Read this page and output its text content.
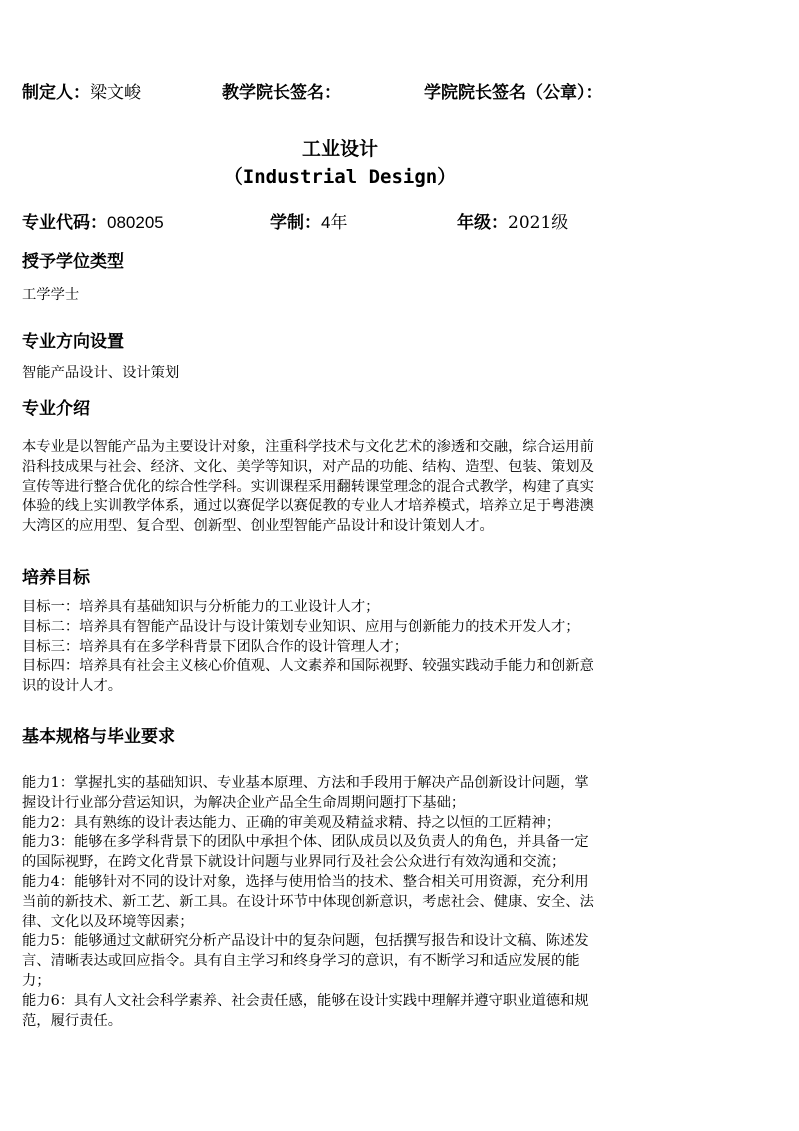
制定人：梁文峻	教学院长签名：	学院院长签名（公章）：
工业设计
（Industrial Design）
专业代码：080205	学制：4年	年级：2021级
授予学位类型
工学学士
专业方向设置
智能产品设计、设计策划
专业介绍
本专业是以智能产品为主要设计对象，注重科学技术与文化艺术的渗透和交融，综合运用前
沿科技成果与社会、经济、文化、美学等知识，对产品的功能、结构、造型、包装、策划及
宣传等进行整合优化的综合性学科。实训课程采用翻转课堂理念的混合式教学，构建了真实
体验的线上实训教学体系，通过以赛促学以赛促教的专业人才培养模式，培养立足于粤港澳
大湾区的应用型、复合型、创新型、创业型智能产品设计和设计策划人才。
培养目标
目标一：培养具有基础知识与分析能力的工业设计人才；
目标二：培养具有智能产品设计与设计策划专业知识、应用与创新能力的技术开发人才；
目标三：培养具有在多学科背景下团队合作的设计管理人才；
目标四：培养具有社会主义核心价值观、人文素养和国际视野、较强实践动手能力和创新意
识的设计人才。
基本规格与毕业要求
能力1：掌握扎实的基础知识、专业基本原理、方法和手段用于解决产品创新设计问题，掌
握设计行业部分营运知识，为解决企业产品全生命周期问题打下基础；
能力2：具有熟练的设计表达能力、正确的审美观及精益求精、持之以恒的工匠精神；
能力3：能够在多学科背景下的团队中承担个体、团队成员以及负责人的角色，并具备一定
的国际视野，在跨文化背景下就设计问题与业界同行及社会公众进行有效沟通和交流；
能力4：能够针对不同的设计对象，选择与使用恰当的技术、整合相关可用资源，充分利用
当前的新技术、新工艺、新工具。在设计环节中体现创新意识，考虑社会、健康、安全、法
律、文化以及环境等因素；
能力5：能够通过文献研究分析产品设计中的复杂问题，包括撰写报告和设计文稿、陈述发
言、清晰表达或回应指令。具有自主学习和终身学习的意识，有不断学习和适应发展的能
力；
能力6：具有人文社会科学素养、社会责任感，能够在设计实践中理解并遵守职业道德和规
范，履行责任。
